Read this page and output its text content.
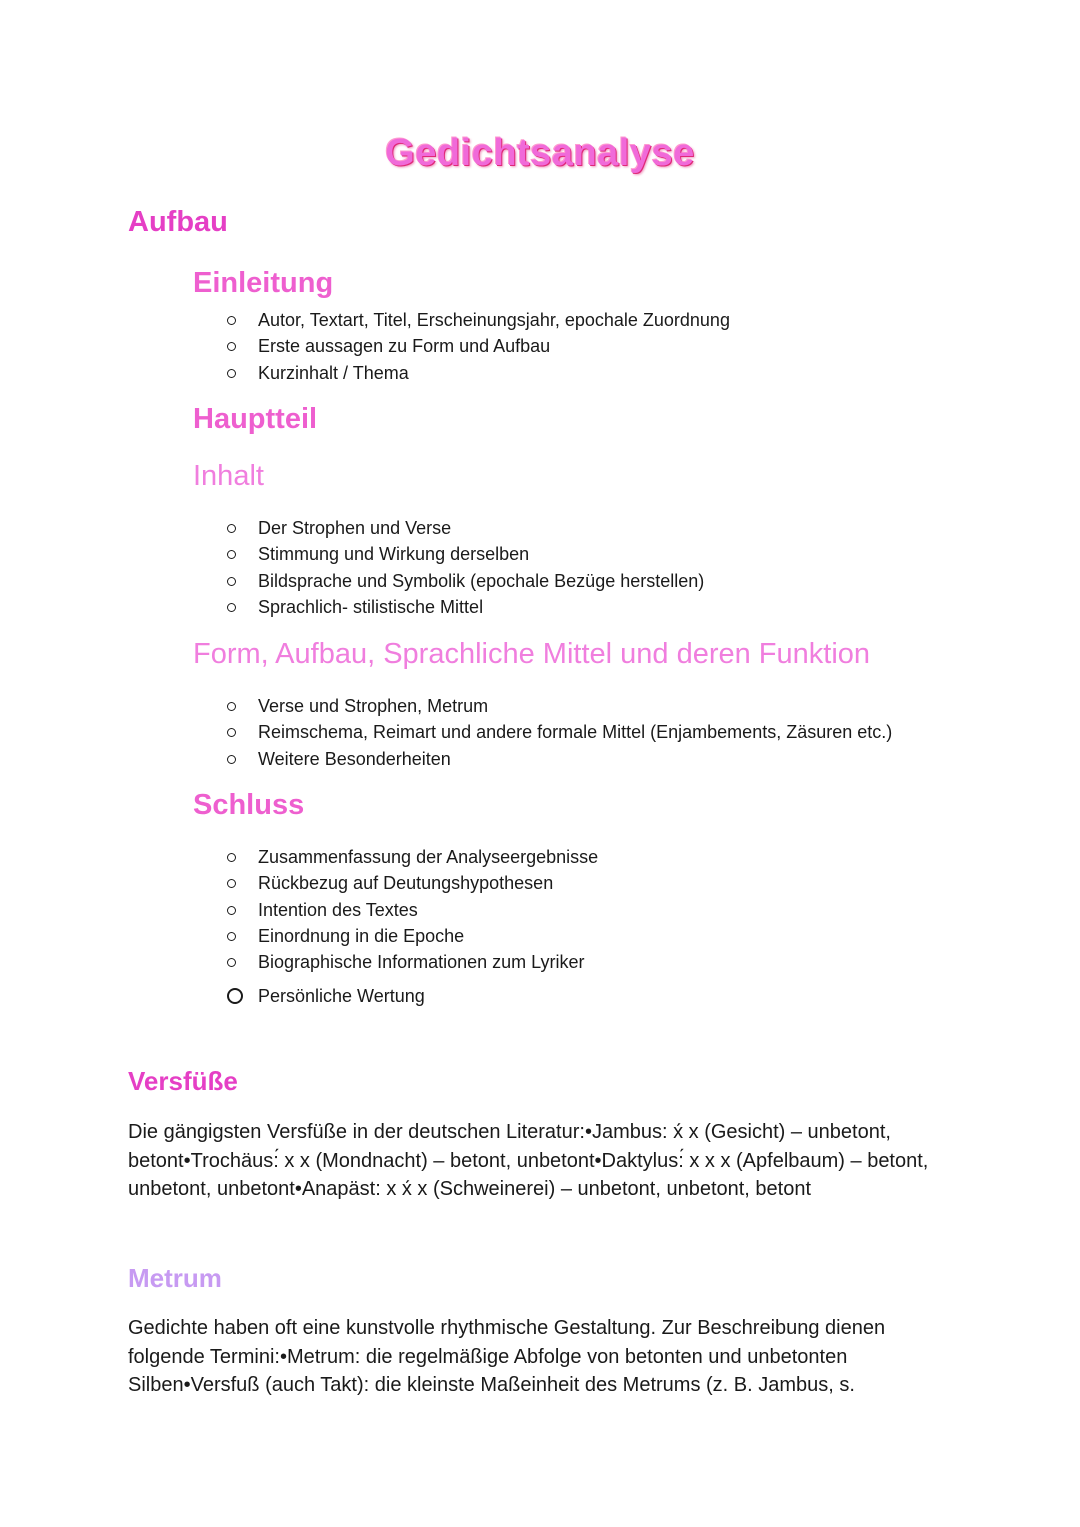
Gedichtsanalyse
Aufbau
Einleitung
Autor, Textart, Titel, Erscheinungsjahr, epochale Zuordnung
Erste aussagen zu Form und Aufbau
Kurzinhalt / Thema
Hauptteil
Inhalt
Der Strophen und Verse
Stimmung und Wirkung derselben
Bildsprache und Symbolik (epochale Bezüge herstellen)
Sprachlich- stilistische Mittel
Form, Aufbau, Sprachliche Mittel und deren Funktion
Verse und Strophen, Metrum
Reimschema, Reimart und andere formale Mittel (Enjambements, Zäsuren etc.)
Weitere Besonderheiten
Schluss
Zusammenfassung der Analyseergebnisse
Rückbezug auf Deutungshypothesen
Intention des Textes
Einordnung in die Epoche
Biographische Informationen zum Lyriker
Persönliche Wertung
Versfüße
Die gängigsten Versfüße in der deutschen Literatur:•Jambus: x́ x (Gesicht) – unbetont,
betont•Trochäus:́ x x (Mondnacht) – betont, unbetont•Daktylus:́ x x x (Apfelbaum) – betont,
unbetont, unbetont•Anapäst: x x́ x (Schweinerei) – unbetont, unbetont, betont
Metrum
Gedichte haben oft eine kunstvolle rhythmische Gestaltung. Zur Beschreibung dienen
folgende Termini:•Metrum: die regelmäßige Abfolge von betonten und unbetonten
Silben•Versfuß (auch Takt): die kleinste Maßeinheit des Metrums (z. B. Jambus, s.
